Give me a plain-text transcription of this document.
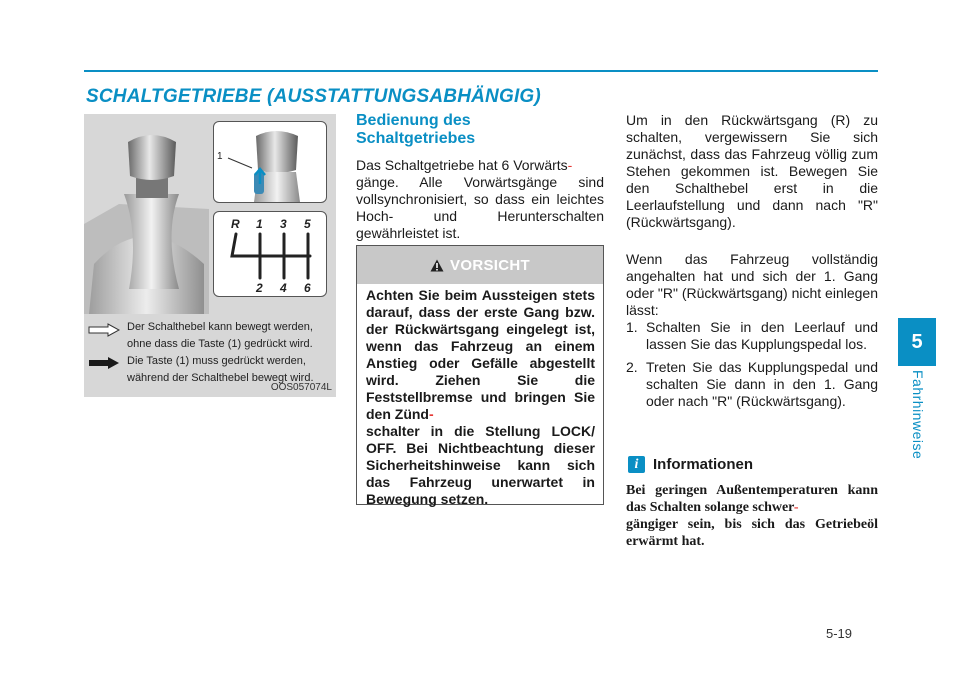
SCHALTGETRIEBE (AUSSTATTUNGSABHÄNGIG)
5
Fahrhinweise
1
R 1 3 5
2 4 6

Der Schalthebel kann bewegt werden, ohne dass die Taste (1) gedrückt wird.

Die Taste (1) muss gedrückt werden, während der Schalthebel bewegt wird.

OOS057074L

Bedienung des
Schaltgetriebes

Das Schaltgetriebe hat 6 Vorwärts-
gänge. Alle Vorwärtsgänge sind vollsynchronisiert, so dass ein leichtes Hoch- und Herunterschalten gewährleistet ist.

VORSICHT

Achten Sie beim Aussteigen stets darauf, dass der erste Gang bzw. der Rückwärtsgang eingelegt ist, wenn das Fahrzeug an einem Anstieg oder Gefälle abgestellt wird. Ziehen Sie die Feststellbremse und bringen Sie den Zünd-
schalter in die Stellung LOCK/ OFF. Bei Nichtbeachtung dieser Sicherheitshinweise kann sich das Fahrzeug unerwartet in Bewegung setzen.

Um in den Rückwärtsgang (R) zu schalten, vergewissern Sie sich zunächst, dass das Fahrzeug völlig zum Stehen gekommen ist. Bewegen Sie den Schalthebel erst in die Leerlaufstellung und dann nach "R" (Rückwärtsgang).

Wenn das Fahrzeug vollständig angehalten hat und sich der 1. Gang oder "R" (Rückwärtsgang) nicht einlegen lässt:

1. Schalten Sie in den Leerlauf und lassen Sie das Kupplungspedal los.
2. Treten Sie das Kupplungspedal und schalten Sie dann in den 1. Gang oder nach "R" (Rückwärtsgang).
i Informationen

Bei geringen Außentemperaturen kann das Schalten solange schwer-
gängiger sein, bis sich das Getriebeöl erwärmt hat.

5-19
